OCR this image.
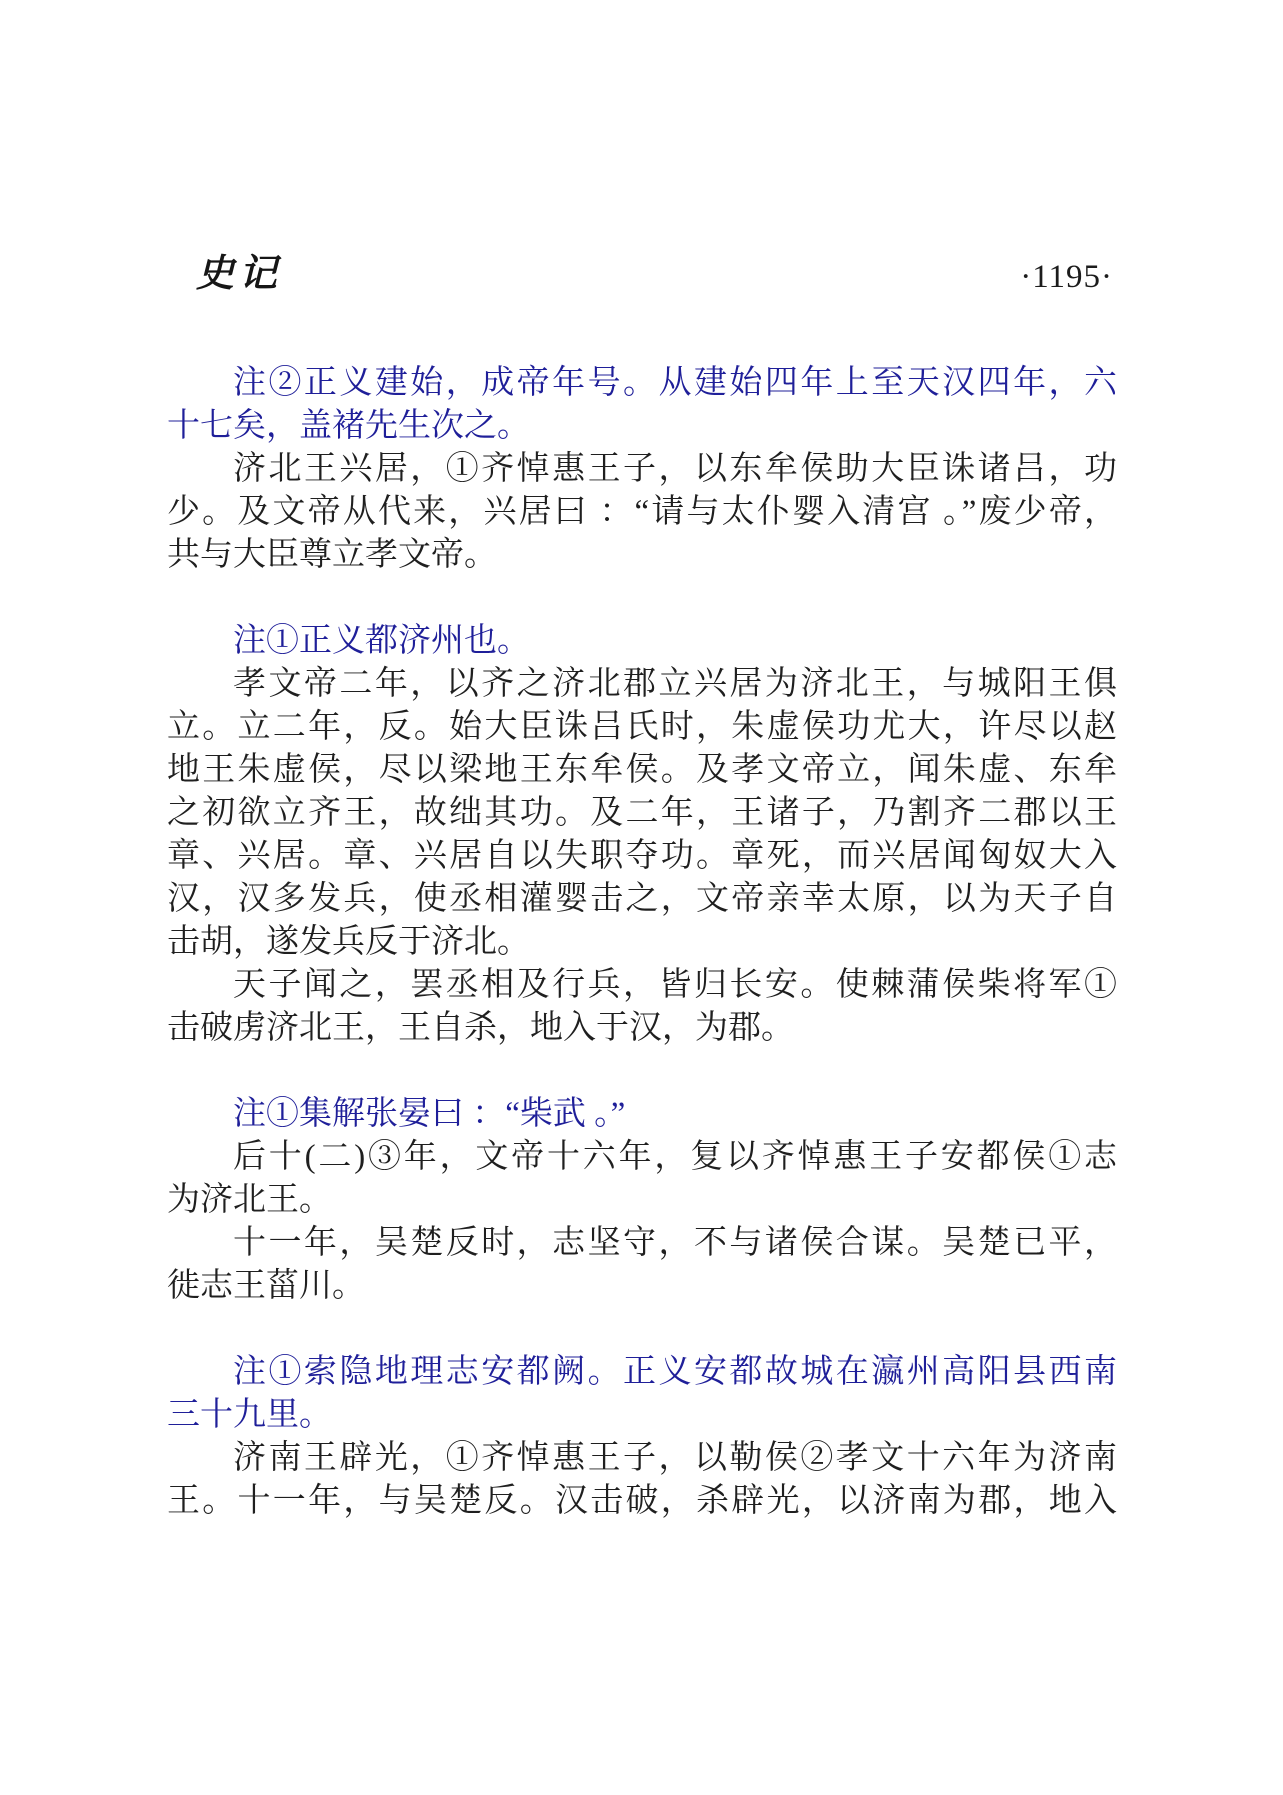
史记	·1195·
注②正义建始，成帝年号。从建始四年上至天汉四年，六
十七矣，盖褚先生次之。
济北王兴居，①齐悼惠王子，以东牟侯助大臣诛诸吕，功
少。及文帝从代来，兴居曰 ：“请与太仆婴入清宫 。”废少帝，
共与大臣尊立孝文帝。
注①正义都济州也。
孝文帝二年，以齐之济北郡立兴居为济北王，与城阳王俱
立。立二年，反。始大臣诛吕氏时，朱虚侯功尤大，许尽以赵
地王朱虚侯，尽以梁地王东牟侯。及孝文帝立，闻朱虚、东牟
之初欲立齐王，故绌其功。及二年，王诸子，乃割齐二郡以王
章、兴居。章、兴居自以失职夺功。章死，而兴居闻匈奴大入
汉，汉多发兵，使丞相灌婴击之，文帝亲幸太原，以为天子自
击胡，遂发兵反于济北。
天子闻之，罢丞相及行兵，皆归长安。使棘蒲侯柴将军①
击破虏济北王，王自杀，地入于汉，为郡。
注①集解张晏曰 ：“柴武 。”
后十(二)③年，文帝十六年，复以齐悼惠王子安都侯①志
为济北王。
十一年，吴楚反时，志坚守，不与诸侯合谋。吴楚已平，
徙志王菑川。
注①索隐地理志安都阙。正义安都故城在瀛州高阳县西南
三十九里。
济南王辟光，①齐悼惠王子，以勒侯②孝文十六年为济南
王。十一年，与吴楚反。汉击破，杀辟光，以济南为郡，地入
